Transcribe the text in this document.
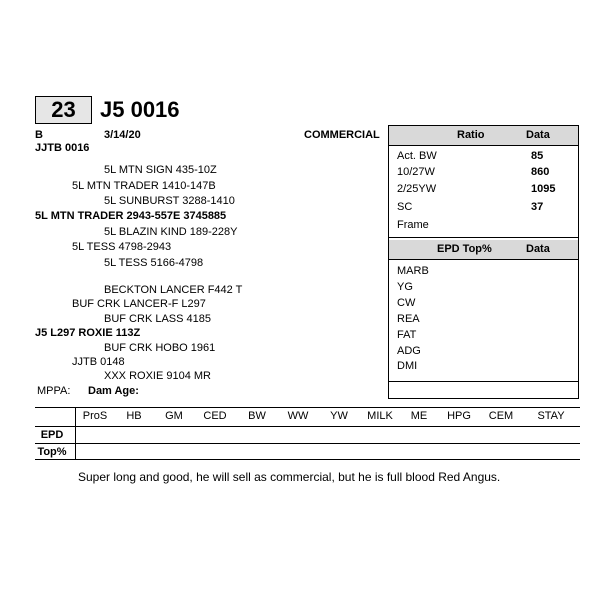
23	J5 0016
B	3/14/20	COMMERCIAL
JJTB 0016
5L MTN SIGN 435-10Z
5L MTN TRADER 1410-147B
5L SUNBURST 3288-1410
5L MTN TRADER 2943-557E 3745885
5L BLAZIN KIND 189-228Y
5L TESS 4798-2943
5L TESS 5166-4798
BECKTON LANCER F442 T
BUF CRK LANCER-F L297
BUF CRK LASS 4185
J5 L297 ROXIE 113Z
BUF CRK HOBO 1961
JJTB 0148
XXX ROXIE 9104 MR
MPPA: Dam Age:
Ratio	Data
Act. BW	85
10/27W	860
2/25YW	1095
SC	37
Frame
EPD Top%	Data
MARB
YG
CW
REA
FAT
ADG
DMI
ProS	HB	GM	CED	BW	WW	YW	MILK	ME	HPG	CEM	STAY
EPD
Top%
Super long and good, he will sell as commercial, but he is full blood Red Angus.
